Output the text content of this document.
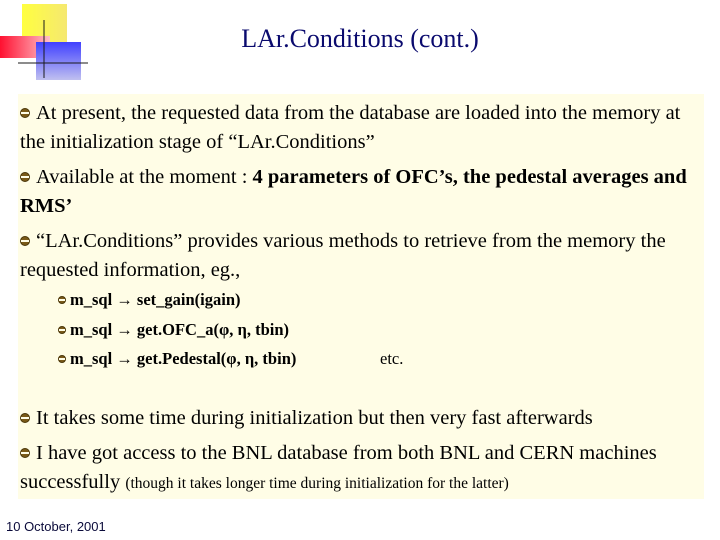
LAr.Conditions (cont.)
At present, the requested data from the database are loaded into the memory at the initialization stage of “LAr.Conditions”
Available at the moment : 4 parameters of OFC’s, the pedestal averages and RMS’
“LAr.Conditions” provides various methods to retrieve from the memory the requested information, eg.,
m_sql → set_gain(igain)
m_sql → get.OFC_a(φ, η, tbin)
m_sql → get.Pedestal(φ, η, tbin)	etc.
It takes some time during initialization but then very fast afterwards
I have got access to the BNL database from both BNL and CERN machines successfully (though it takes longer time during initialization for the latter)
10 October, 2001
